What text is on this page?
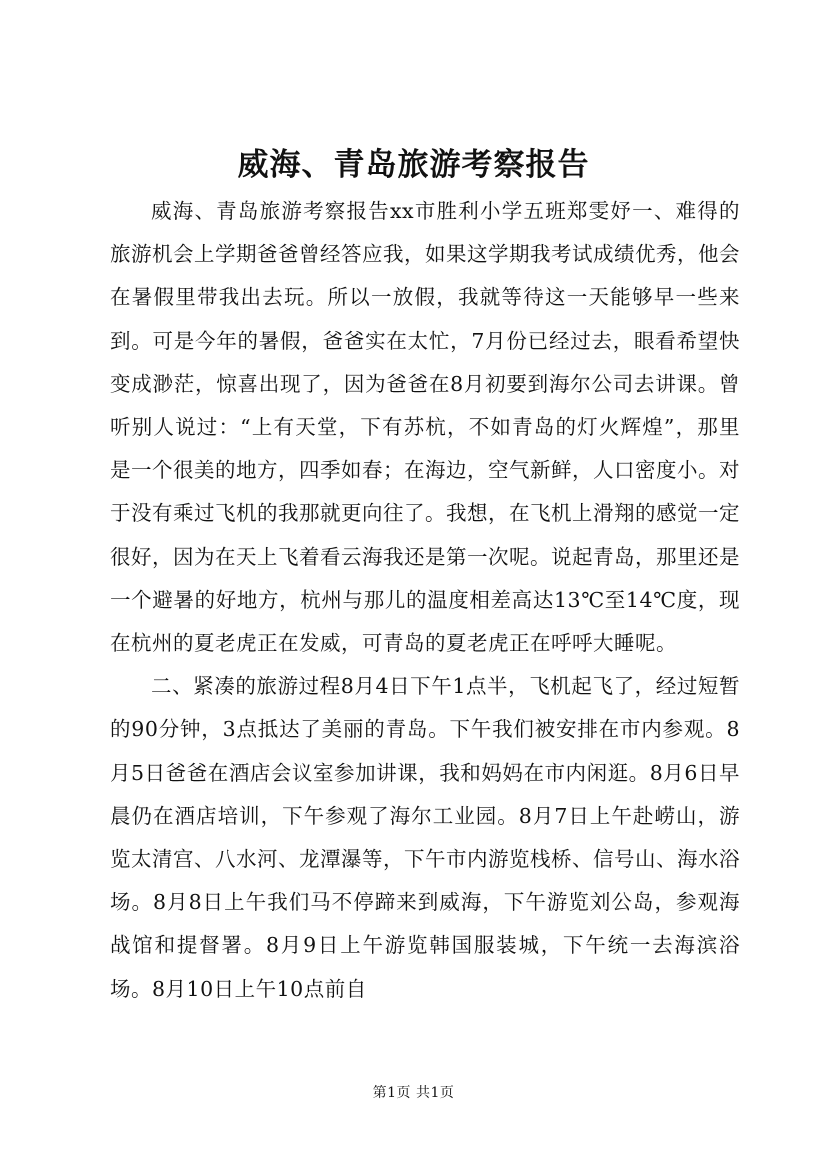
威海、青岛旅游考察报告

威海、青岛旅游考察报告xx市胜利小学五班郑雯妤一、难得的旅游机会上学期爸爸曾经答应我，如果这学期我考试成绩优秀，他会在暑假里带我出去玩。所以一放假，我就等待这一天能够早一些来到。可是今年的暑假，爸爸实在太忙，7月份已经过去，眼看希望快变成渺茫，惊喜出现了，因为爸爸在8月初要到海尔公司去讲课。曾听别人说过：“上有天堂，下有苏杭，不如青岛的灯火辉煌”，那里是一个很美的地方，四季如春；在海边，空气新鲜，人口密度小。对于没有乘过飞机的我那就更向往了。我想，在飞机上滑翔的感觉一定很好，因为在天上飞着看云海我还是第一次呢。说起青岛，那里还是一个避暑的好地方，杭州与那儿的温度相差高达13℃至14℃度，现在杭州的夏老虎正在发威，可青岛的夏老虎正在呼呼大睡呢。

二、紧凑的旅游过程8月4日下午1点半，飞机起飞了，经过短暂的90分钟，3点抵达了美丽的青岛。下午我们被安排在市内参观。8月5日爸爸在酒店会议室参加讲课，我和妈妈在市内闲逛。8月6日早晨仍在酒店培训，下午参观了海尔工业园。8月7日上午赴崂山，游览太清宫、八水河、龙潭瀑等，下午市内游览栈桥、信号山、海水浴场。8月8日上午我们马不停蹄来到威海，下午游览刘公岛，参观海战馆和提督署。8月9日上午游览韩国服装城，下午统一去海滨浴场。8月10日上午10点前自

第1页 共1页
